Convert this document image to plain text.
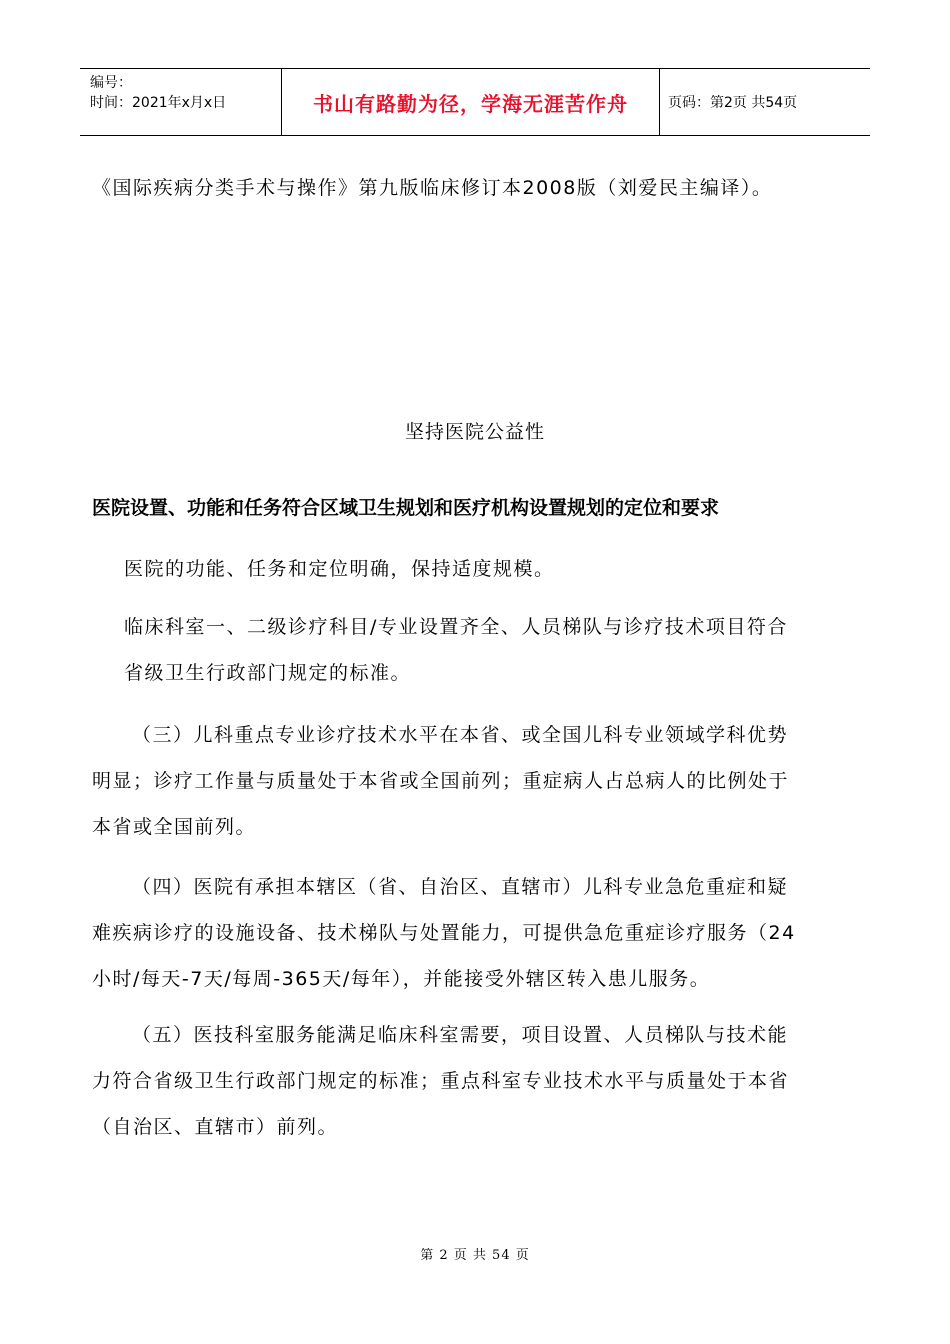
编号：
时间：2021年x月x日	书山有路勤为径，学海无涯苦作舟	页码：第2页 共54页
《国际疾病分类手术与操作》第九版临床修订本2008版（刘爱民主编译）。
坚持医院公益性
医院设置、功能和任务符合区域卫生规划和医疗机构设置规划的定位和要求
医院的功能、任务和定位明确，保持适度规模。
临床科室一、二级诊疗科目/专业设置齐全、人员梯队与诊疗技术项目符合
省级卫生行政部门规定的标准。
（三）儿科重点专业诊疗技术水平在本省、或全国儿科专业领域学科优势
明显；诊疗工作量与质量处于本省或全国前列；重症病人占总病人的比例处于
本省或全国前列。
（四）医院有承担本辖区（省、自治区、直辖市）儿科专业急危重症和疑
难疾病诊疗的设施设备、技术梯队与处置能力，可提供急危重症诊疗服务（24
小时/每天-7天/每周-365天/每年），并能接受外辖区转入患儿服务。
（五）医技科室服务能满足临床科室需要，项目设置、人员梯队与技术能
力符合省级卫生行政部门规定的标准；重点科室专业技术水平与质量处于本省
（自治区、直辖市）前列。
第 2 页 共 54 页
